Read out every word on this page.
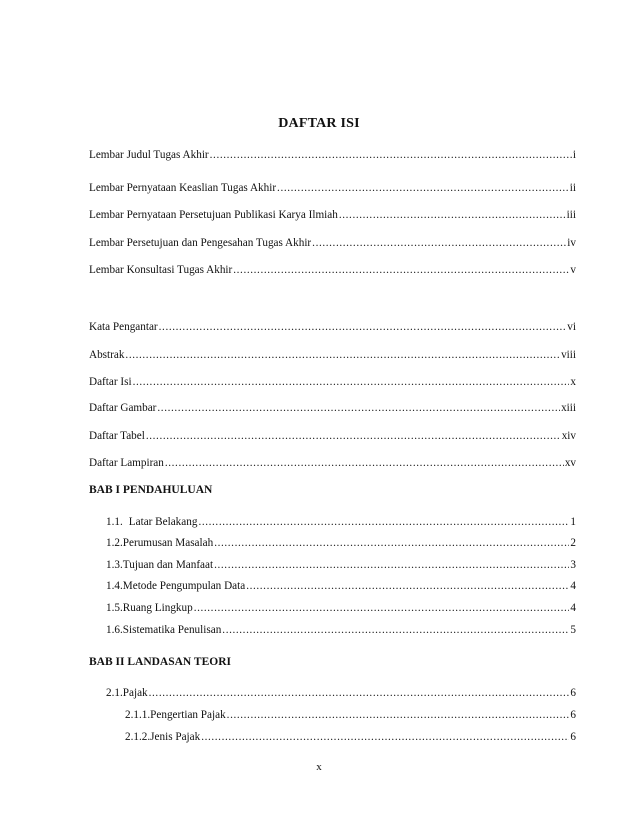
DAFTAR ISI
Lembar Judul Tugas Akhir .....	i
Lembar Pernyataan Keaslian Tugas Akhir .....	ii
Lembar Pernyataan Persetujuan Publikasi Karya Ilmiah .....	iii
Lembar Persetujuan dan Pengesahan Tugas Akhir .....	iv
Lembar Konsultasi Tugas Akhir .....	v
Kata Pengantar .....	vi
Abstrak .....	viii
Daftar Isi .....	x
Daftar Gambar .....	xiii
Daftar Tabel .....	xiv
Daftar Lampiran .....	xv
BAB I PENDAHULUAN
1.1. Latar Belakang .....	1
1.2. Perumusan Masalah .....	2
1.3. Tujuan dan Manfaat .....	3
1.4. Metode Pengumpulan Data .....	4
1.5. Ruang Lingkup .....	4
1.6. Sistematika Penulisan .....	5
BAB II LANDASAN TEORI
2.1. Pajak .....	6
2.1.1. Pengertian Pajak .....	6
2.1.2. Jenis Pajak .....	6
x
